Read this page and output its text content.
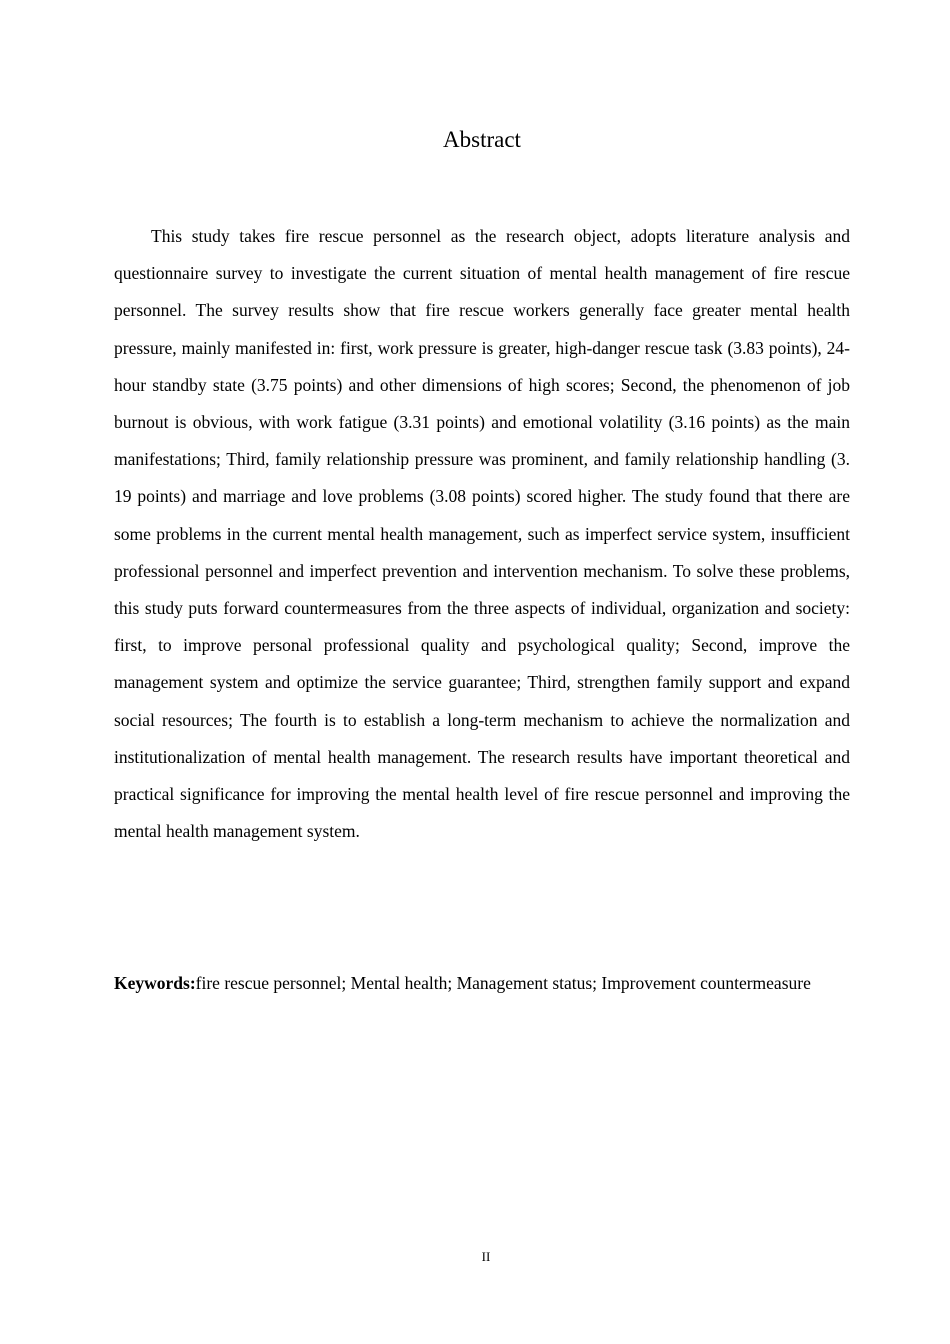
Abstract

This study takes fire rescue personnel as the research object, adopts literature analysis and questionnaire survey to investigate the current situation of mental health management of fire rescue personnel. The survey results show that fire rescue workers generally face greater mental health pressure, mainly manifested in: first, work pressure is greater, high-danger rescue task (3.83 points), 24-hour standby state (3.75 points) and other dimensions of high scores; Second, the phenomenon of job burnout is obvious, with work fatigue (3.31 points) and emotional volatility (3.16 points) as the main manifestations; Third, family relationship pressure was prominent, and family relationship handling (3. 19 points) and marriage and love problems (3.08 points) scored higher. The study found that there are some problems in the current mental health management, such as imperfect service system, insufficient professional personnel and imperfect prevention and intervention mechanism. To solve these problems, this study puts forward countermeasures from the three aspects of individual, organization and society: first, to improve personal professional quality and psychological quality; Second, improve the management system and optimize the service guarantee; Third, strengthen family support and expand social resources; The fourth is to establish a long-term mechanism to achieve the normalization and institutionalization of mental health management. The research results have important theoretical and practical significance for improving the mental health level of fire rescue personnel and improving the mental health management system.

Keywords:fire rescue personnel; Mental health; Management status; Improvement countermeasure

II
